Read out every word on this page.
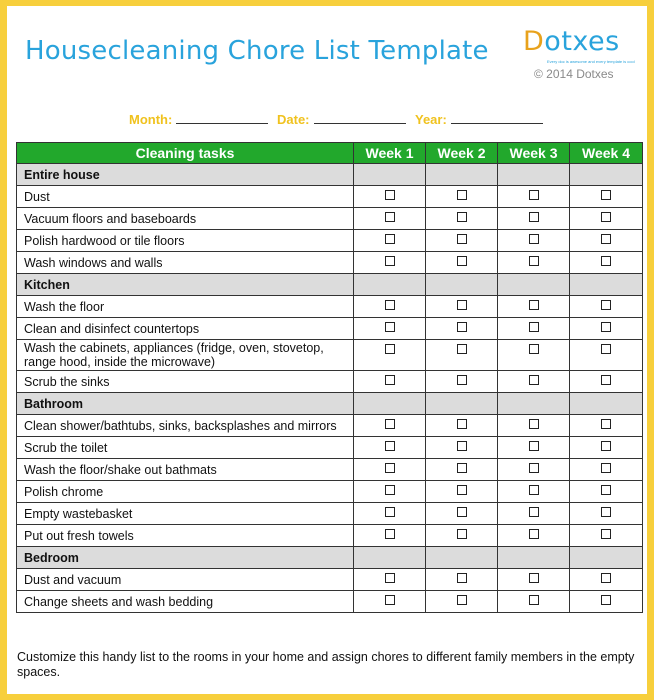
Housecleaning Chore List Template Dotxes
Every doc is awesome and every template is cool
© 2014 Dotxes
Month:	Date:	Year:
Cleaning tasks	Week 1	Week 2	Week 3	Week 4
Entire house				
Dust				
Vacuum floors and baseboards				
Polish hardwood or tile floors				
Wash windows and walls				
Kitchen				
Wash the floor				
Clean and disinfect countertops				
Wash the cabinets, appliances (fridge, oven, stovetop, range hood, inside the microwave)				
Scrub the sinks				
Bathroom				
Clean shower/bathtubs, sinks, backsplashes and mirrors				
Scrub the toilet				
Wash the floor/shake out bathmats				
Polish chrome				
Empty wastebasket				
Put out fresh towels				
Bedroom				
Dust and vacuum				
Change sheets and wash bedding				
Customize this handy list to the rooms in your home and assign chores to different family members in the empty spaces.
